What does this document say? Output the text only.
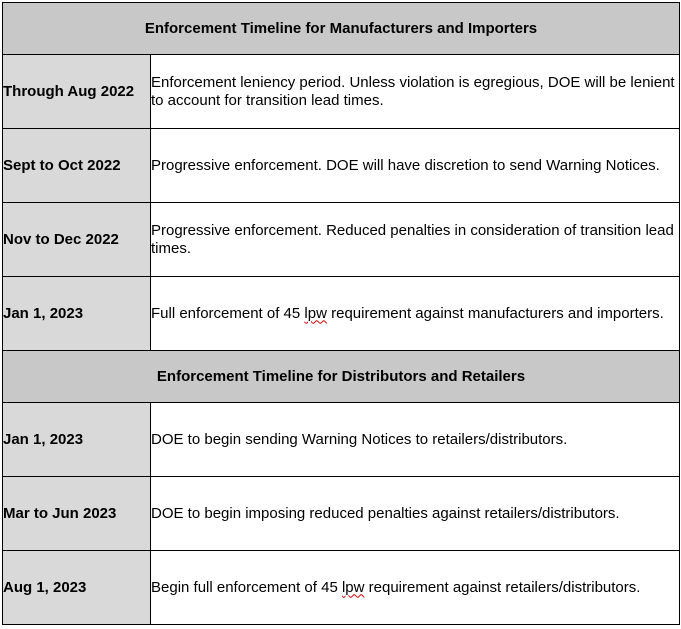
Enforcement Timeline for Manufacturers and Importers	
Through Aug 2022	Enforcement leniency period. Unless violation is egregious, DOE will be lenient to account for transition lead times.
Sept to Oct 2022	Progressive enforcement. DOE will have discretion to send Warning Notices.
Nov to Dec 2022	Progressive enforcement. Reduced penalties in consideration of transition lead times.
Jan 1, 2023	Full enforcement of 45 lpw requirement against manufacturers and importers.
Enforcement Timeline for Distributors and Retailers	
Jan 1, 2023	DOE to begin sending Warning Notices to retailers/distributors.
Mar to Jun 2023	DOE to begin imposing reduced penalties against retailers/distributors.
Aug 1, 2023	Begin full enforcement of 45 lpw requirement against retailers/distributors.
